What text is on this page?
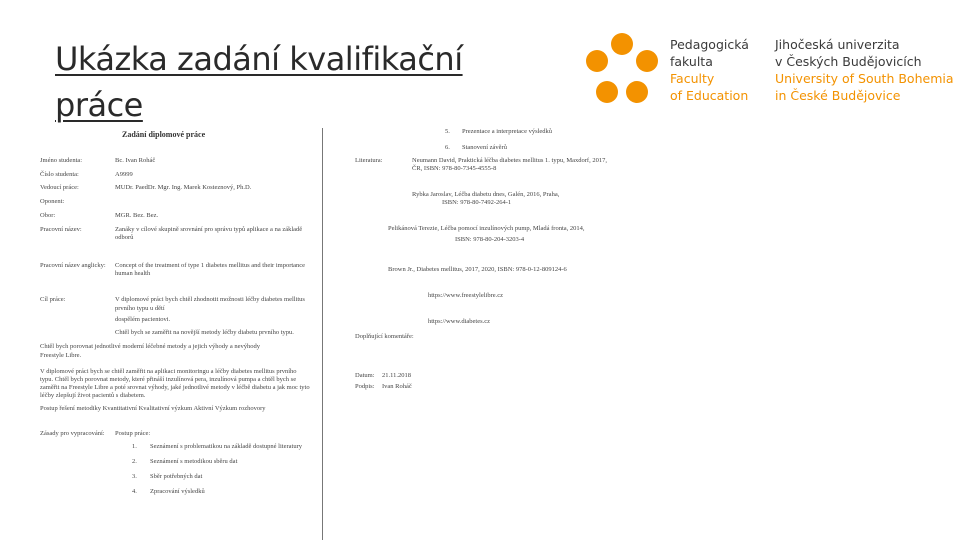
Ukázka zadání kvalifikační práce
Pedagogická
fakulta
Faculty
of Education
Jihočeská univerzita
v Českých Budějovicích
University of South Bohemia
in České Budějovice
Zadání diplomové práce
Jméno studenta:	Bc. Ivan Roháč
Číslo studenta:	A9999
Vedoucí práce:	MUDr. PaedDr. Mgr. Ing. Marek Kosteznový, Ph.D.
Oponent:
Obor:	MGR. Bez. Bez.
Pracovní název:	Zanáky v cílové skupině srovnání pro správu typů aplikace a na základě
odborů
Pracovní název anglicky: Concept of the treatment of type 1 diabetes mellitus and their importance
human health
Cíl práce:	V diplomové práci bych chtěl zhodnotit možnosti léčby diabetes mellitus
prvního typu u dětí
dospělém pacientovi.
Chtěl bych se zaměřit na novější metody léčby diabetu prvního typu.
Chtěl bych porovnat jednotlivé moderní léčebné metody a jejich výhody a nevýhody
Freestyle Libre.
V diplomové práci bych se chtěl zaměřit na aplikaci monitoringu a léčby diabetes mellitus prvního
typu. Chtěl bych porovnat metody, které přináší inzulínová pera, inzulínová pumpa a chtěl bych se
zaměřit na Freestyle Libre a poté srovnat výhody, jaké jednotlivé metody v léčbě diabetu a jak moc tyto
léčby zlepšují život pacientů s diabetem.
Postup řešení metodiky Kvantitativní Kvalitativní výzkum Aktivní Výzkum rozhovory
Zásady pro vypracování: Postup práce:
1. Seznámení s problematikou na základě dostupné literatury
2. Seznámení s metodikou sběru dat
3. Sběr potřebných dat
4. Zpracování výsledků
5. Prezentace a interpretace výsledků
6. Stanovení závěrů
Literatura:	Neumann David, Praktická léčba diabetes mellitus 1. typu, Maxdorf, 2017,
ČR, ISBN: 978-80-7345-4555-8
Rybka Jaroslav, Léčba diabetu dnes, Galén, 2016, Praha,
ISBN: 978-80-7492-264-1
Pelikánová Terezie, Léčba pomocí inzulínových pump, Mladá fronta, 2014,
ISBN: 978-80-204-3203-4
Brown Jr., Diabetes mellitus, 2017, 2020, ISBN: 978-0-12-809124-6
https://www.freestylelibre.cz
https://www.diabetes.cz
Doplňující komentáře:
Datum: 21.11.2018
Podpis: Ivan Roháč
